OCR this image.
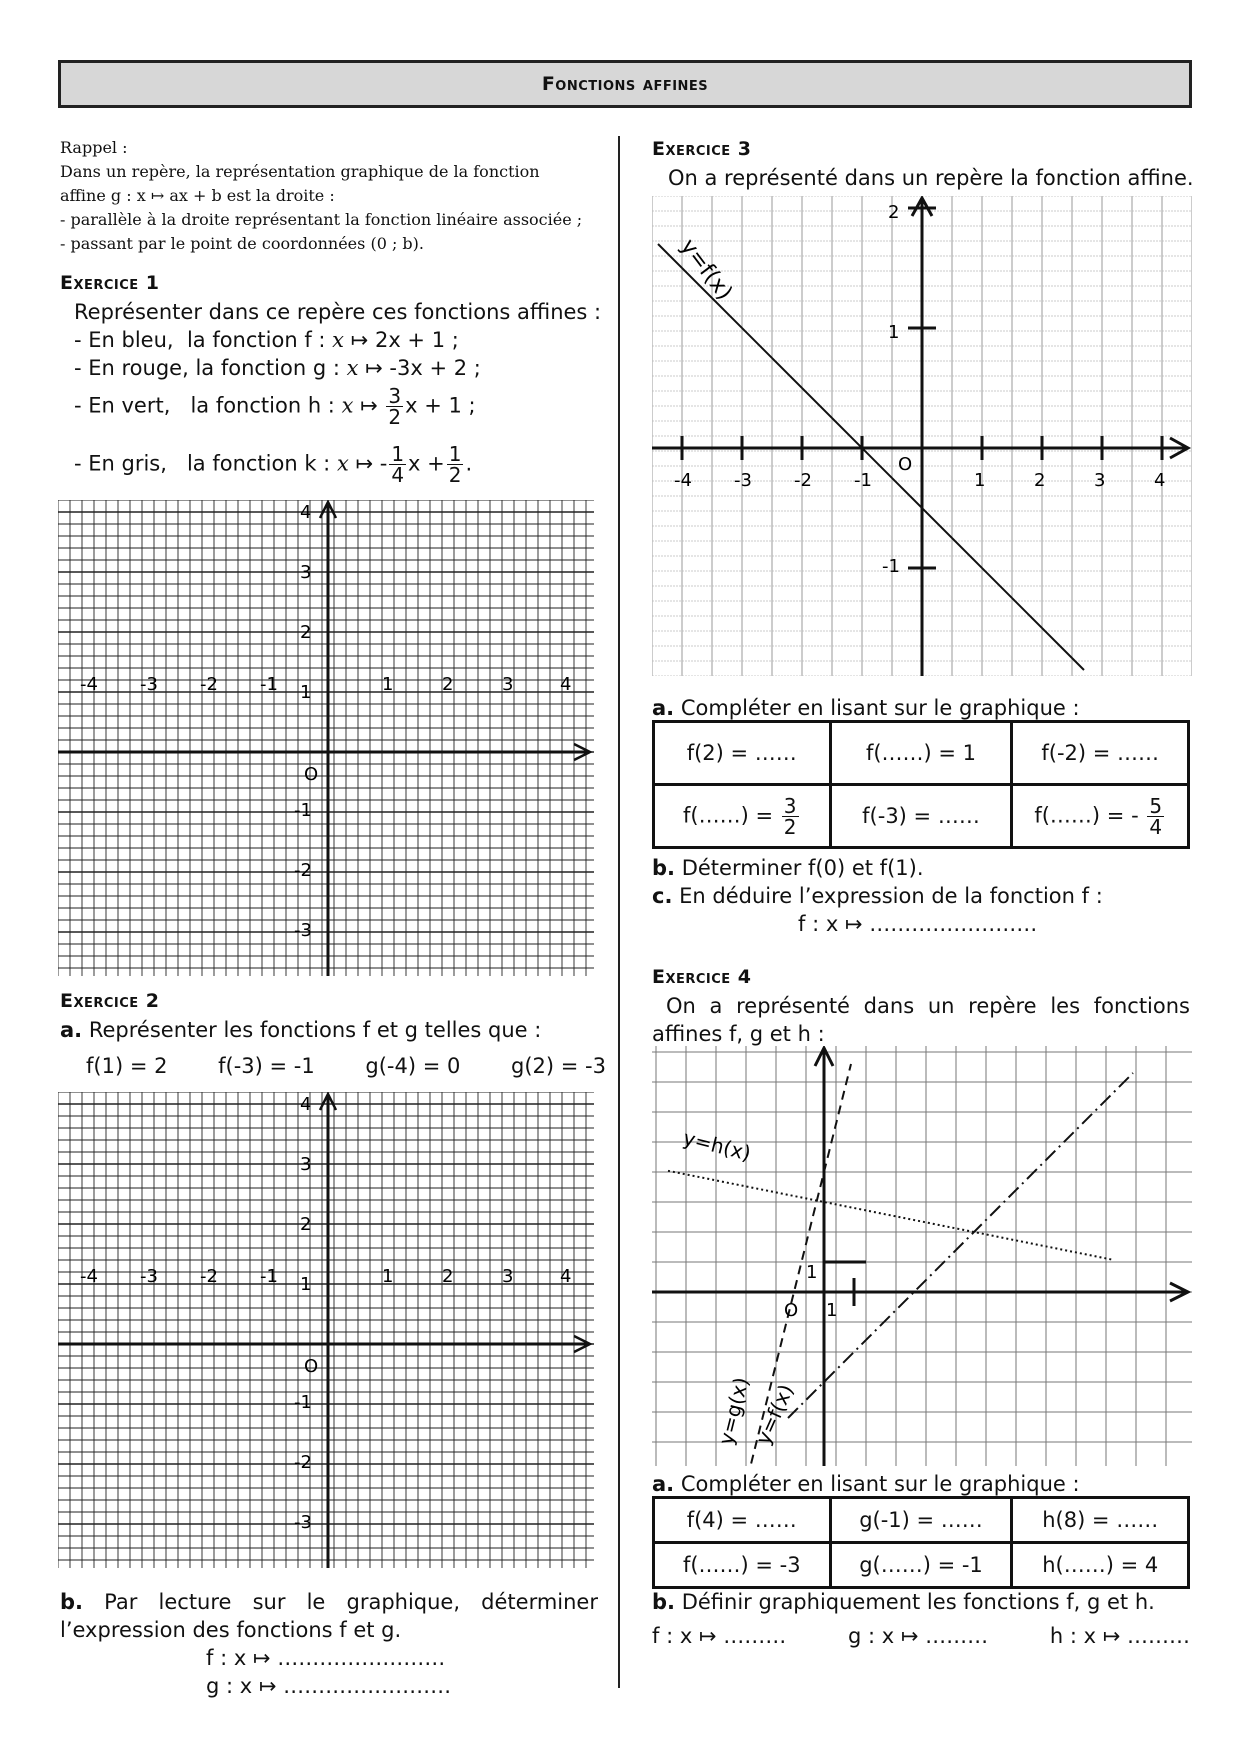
Fonctions affines
Rappel :
Dans un repère, la représentation graphique de la fonction
affine g : x ↦ ax + b est la droite :
- parallèle à la droite représentant la fonction linéaire associée ;
- passant par le point de coordonnées (0 ; b).
Exercice 1
Représenter dans ce repère ces fonctions affines :
- En bleu, la fonction f : x ↦ 2x + 1 ;
- En rouge, la fonction g : x ↦ -3x + 2 ;
- En vert, la fonction h : x ↦ $\frac{3}{2}$ x + 1 ;
- En gris, la fonction k : x ↦ - $\frac{1}{4}$ $x + \frac{1}{2}$ .
-4 -3 -2 -1	1	2	3	4
4
3
2
1
-1
-2
-3
O
Exercice 2
a. Représenter les fonctions f et g telles que :
f(1) = 2 f(-3) = -1 g(-4) = 0 g(2) = -3
-4 -3 -2 -1	1	2	3	4
4
3
2
1
-1
-2
-3
O
b. Par lecture sur le graphique, déterminer
l’expression des fonctions f et g.
f : x ↦ ……………………
g : x ↦ ……………………
Exercice 3
On a représenté dans un repère la fonction affine.
-4 -3 -2 -1	1	2	3	4
2
1
-1
O
y=f(x)
a. Compléter en lisant sur le graphique :
f(2) = ……	f(……) = 1	f(-2) = ……
f(……) = $\frac{3}{2}$	f(-3) = ……	f(……) = - $\frac{5}{4}$
b. Déterminer f(0) et f(1).
c. En déduire l’expression de la fonction f :
f : x ↦ ……………………
Exercice 4
On a représenté dans un repère les fonctions
affines f, g et h :
1
1
O
y=h(x)
y=g(x)
y=f(x)
a. Compléter en lisant sur le graphique :
f(4) = ……	g(-1) = ……	h(8) = ……
f(……) = -3	g(……) = -1	h(……) = 4
b. Définir graphiquement les fonctions f, g et h.
f : x ↦ ………	g : x ↦ ………	h : x ↦ ………
